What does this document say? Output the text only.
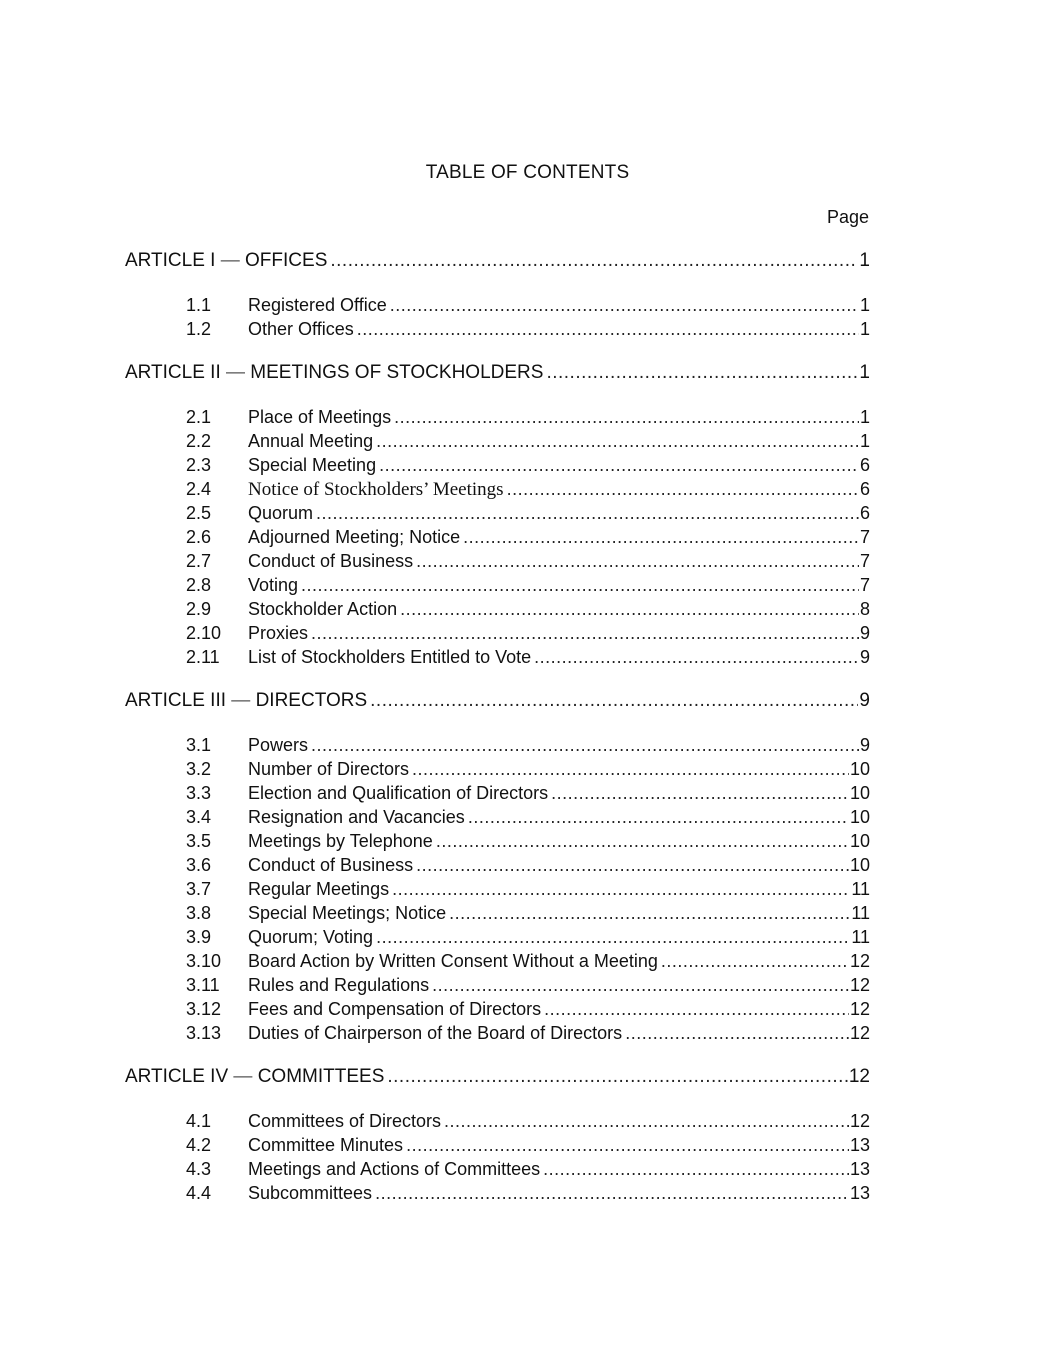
TABLE OF CONTENTS
Page
ARTICLE I — OFFICES .....	1
1.1	Registered Office .....	1
1.2	Other Offices .....	1
ARTICLE II — MEETINGS OF STOCKHOLDERS .....	1
2.1	Place of Meetings .....	1
2.2	Annual Meeting .....	1
2.3	Special Meeting .....	6
2.4	Notice of Stockholders’ Meetings .....	6
2.5	Quorum .....	6
2.6	Adjourned Meeting; Notice .....	7
2.7	Conduct of Business .....	7
2.8	Voting .....	7
2.9	Stockholder Action .....	8
2.10	Proxies .....	9
2.11	List of Stockholders Entitled to Vote .....	9
ARTICLE III — DIRECTORS .....	9
3.1	Powers .....	9
3.2	Number of Directors .....	10
3.3	Election and Qualification of Directors .....	10
3.4	Resignation and Vacancies .....	10
3.5	Meetings by Telephone .....	10
3.6	Conduct of Business .....	10
3.7	Regular Meetings .....	11
3.8	Special Meetings; Notice .....	11
3.9	Quorum; Voting .....	11
3.10	Board Action by Written Consent Without a Meeting .....	12
3.11	Rules and Regulations .....	12
3.12	Fees and Compensation of Directors .....	12
3.13	Duties of Chairperson of the Board of Directors .....	12
ARTICLE IV — COMMITTEES .....	12
4.1	Committees of Directors .....	12
4.2	Committee Minutes .....	13
4.3	Meetings and Actions of Committees .....	13
4.4	Subcommittees .....	13
